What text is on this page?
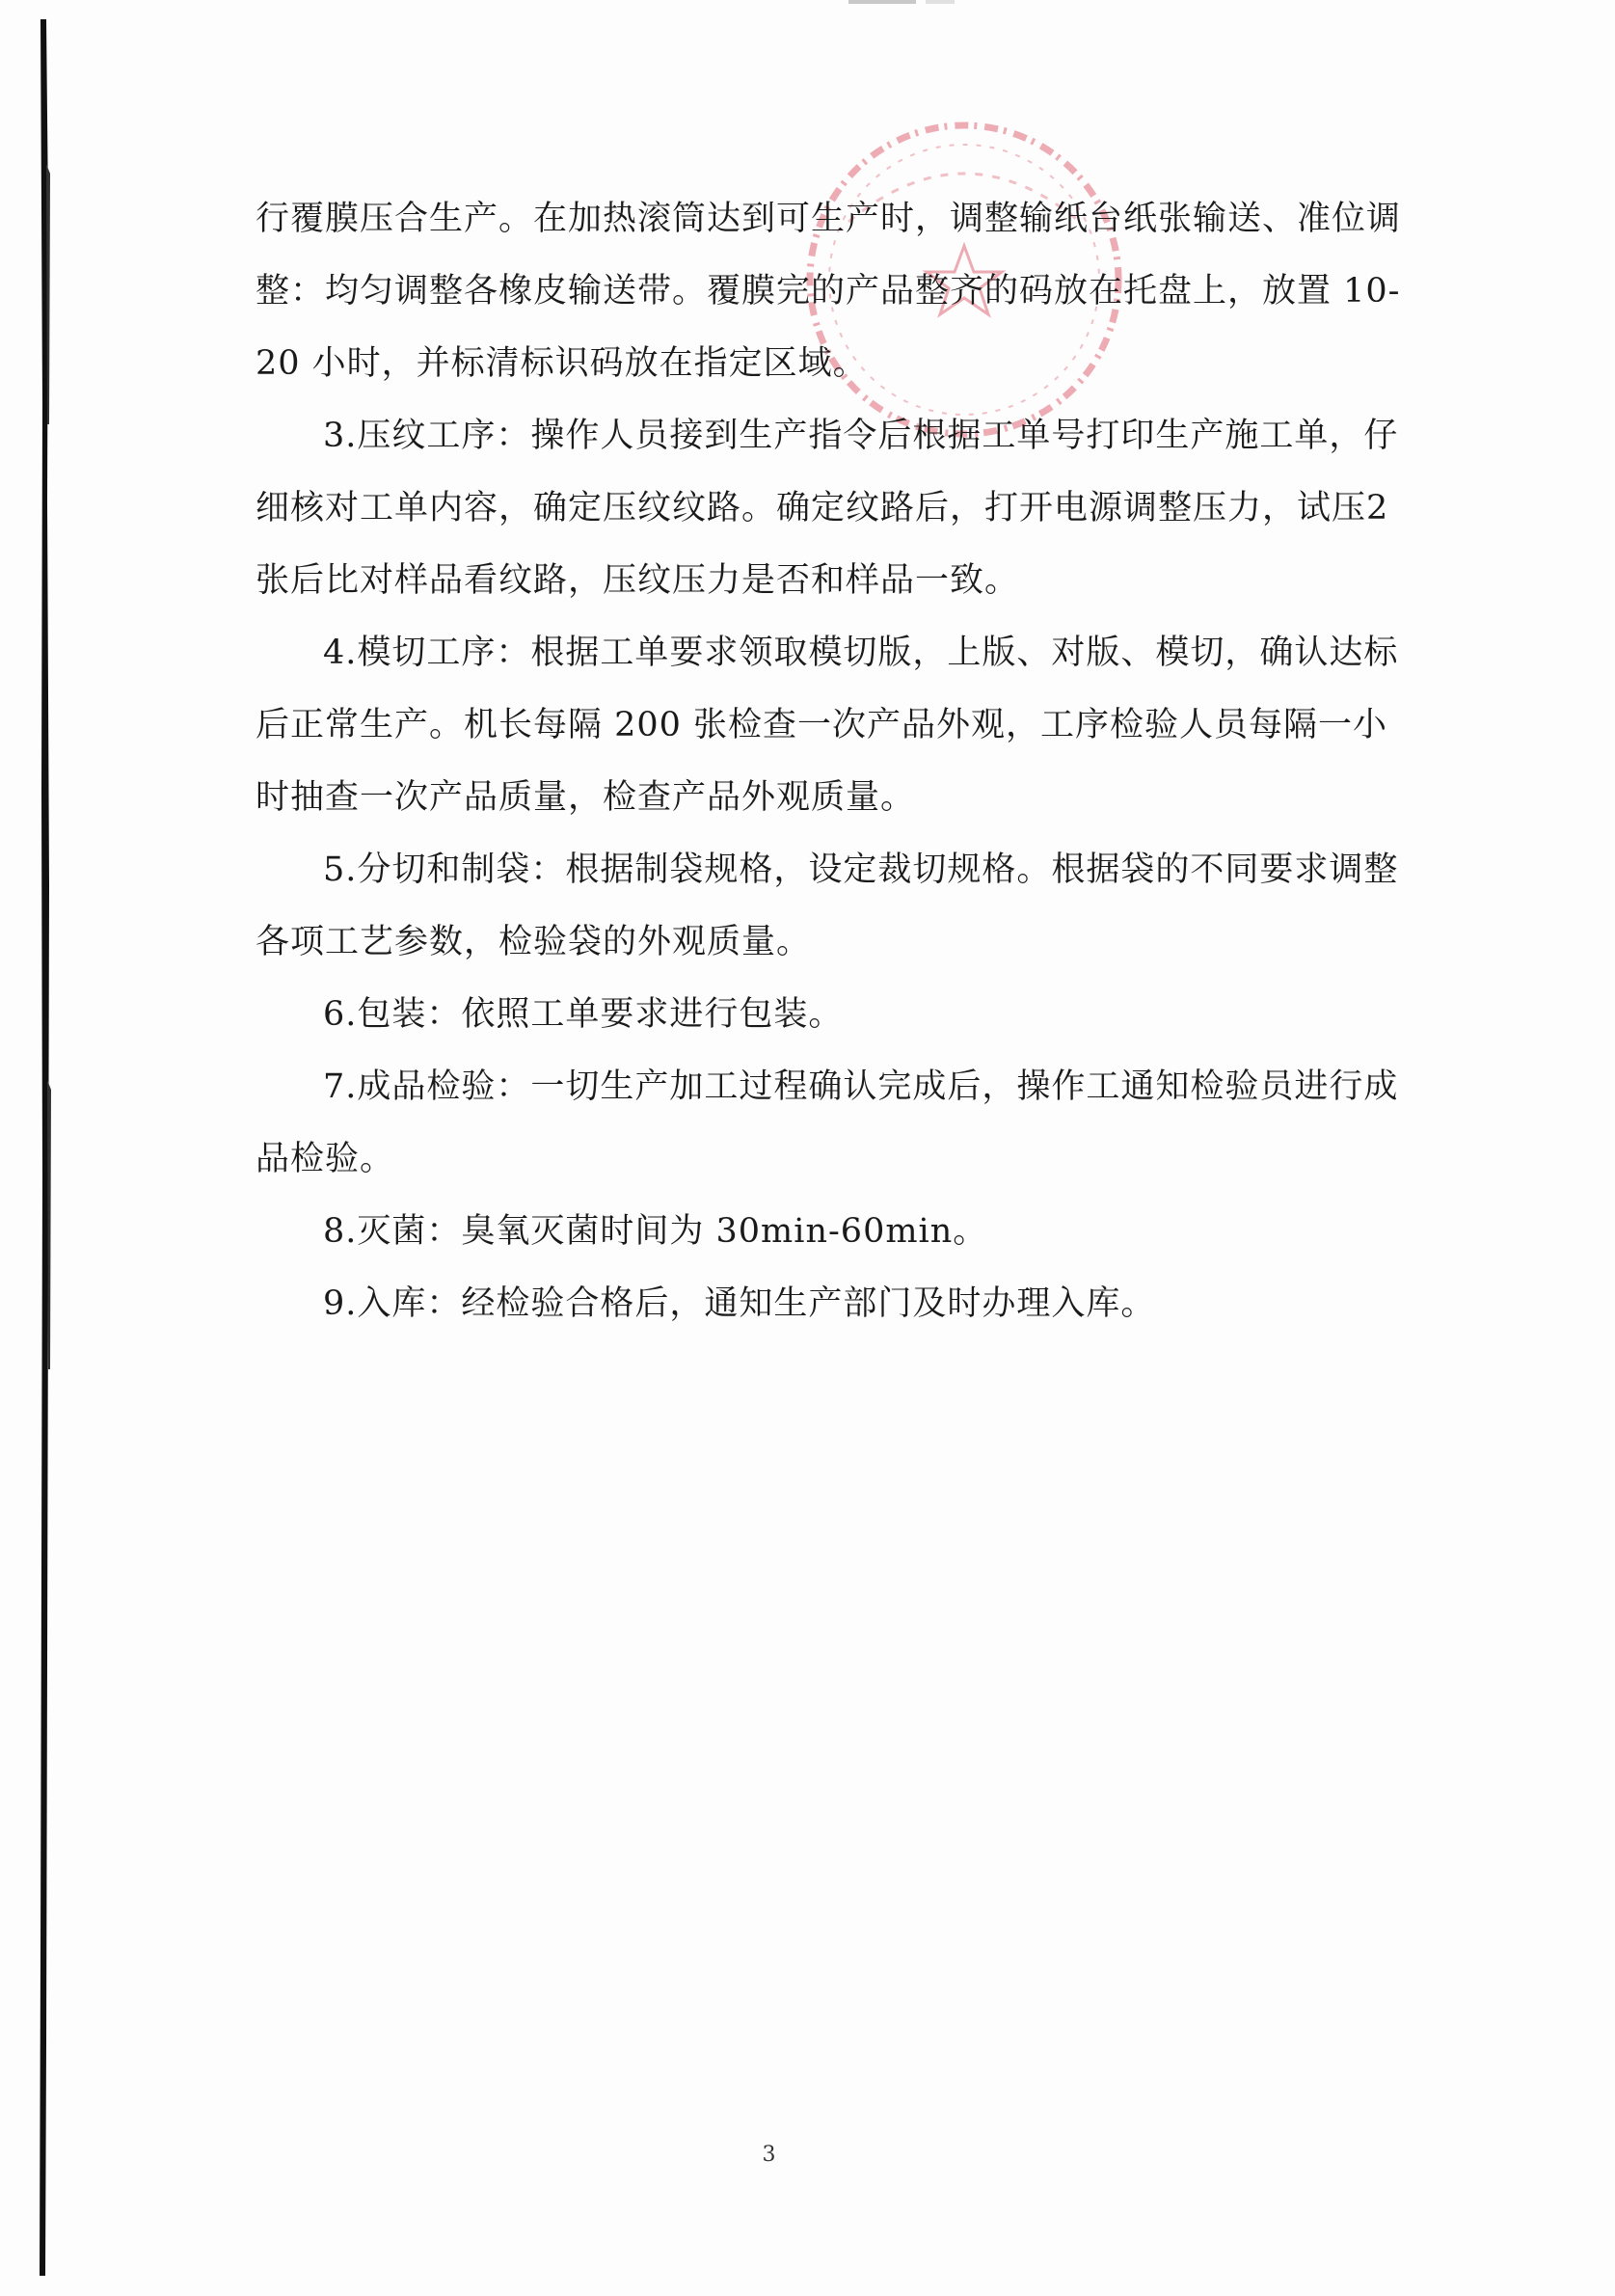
行覆膜压合生产。在加热滚筒达到可生产时，调整输纸台纸张输送、准位调整：均匀调整各橡皮输送带。覆膜完的产品整齐的码放在托盘上，放置 10-20 小时，并标清标识码放在指定区域。

3.压纹工序：操作人员接到生产指令后根据工单号打印生产施工单，仔细核对工单内容，确定压纹纹路。确定纹路后，打开电源调整压力，试压2张后比对样品看纹路，压纹压力是否和样品一致。

4.模切工序：根据工单要求领取模切版，上版、对版、模切，确认达标后正常生产。机长每隔 200 张检查一次产品外观，工序检验人员每隔一小时抽查一次产品质量，检查产品外观质量。

5.分切和制袋：根据制袋规格，设定裁切规格。根据袋的不同要求调整各项工艺参数，检验袋的外观质量。

6.包装：依照工单要求进行包装。

7.成品检验：一切生产加工过程确认完成后，操作工通知检验员进行成品检验。

8.灭菌：臭氧灭菌时间为 30min-60min。

9.入库：经检验合格后，通知生产部门及时办理入库。

3
